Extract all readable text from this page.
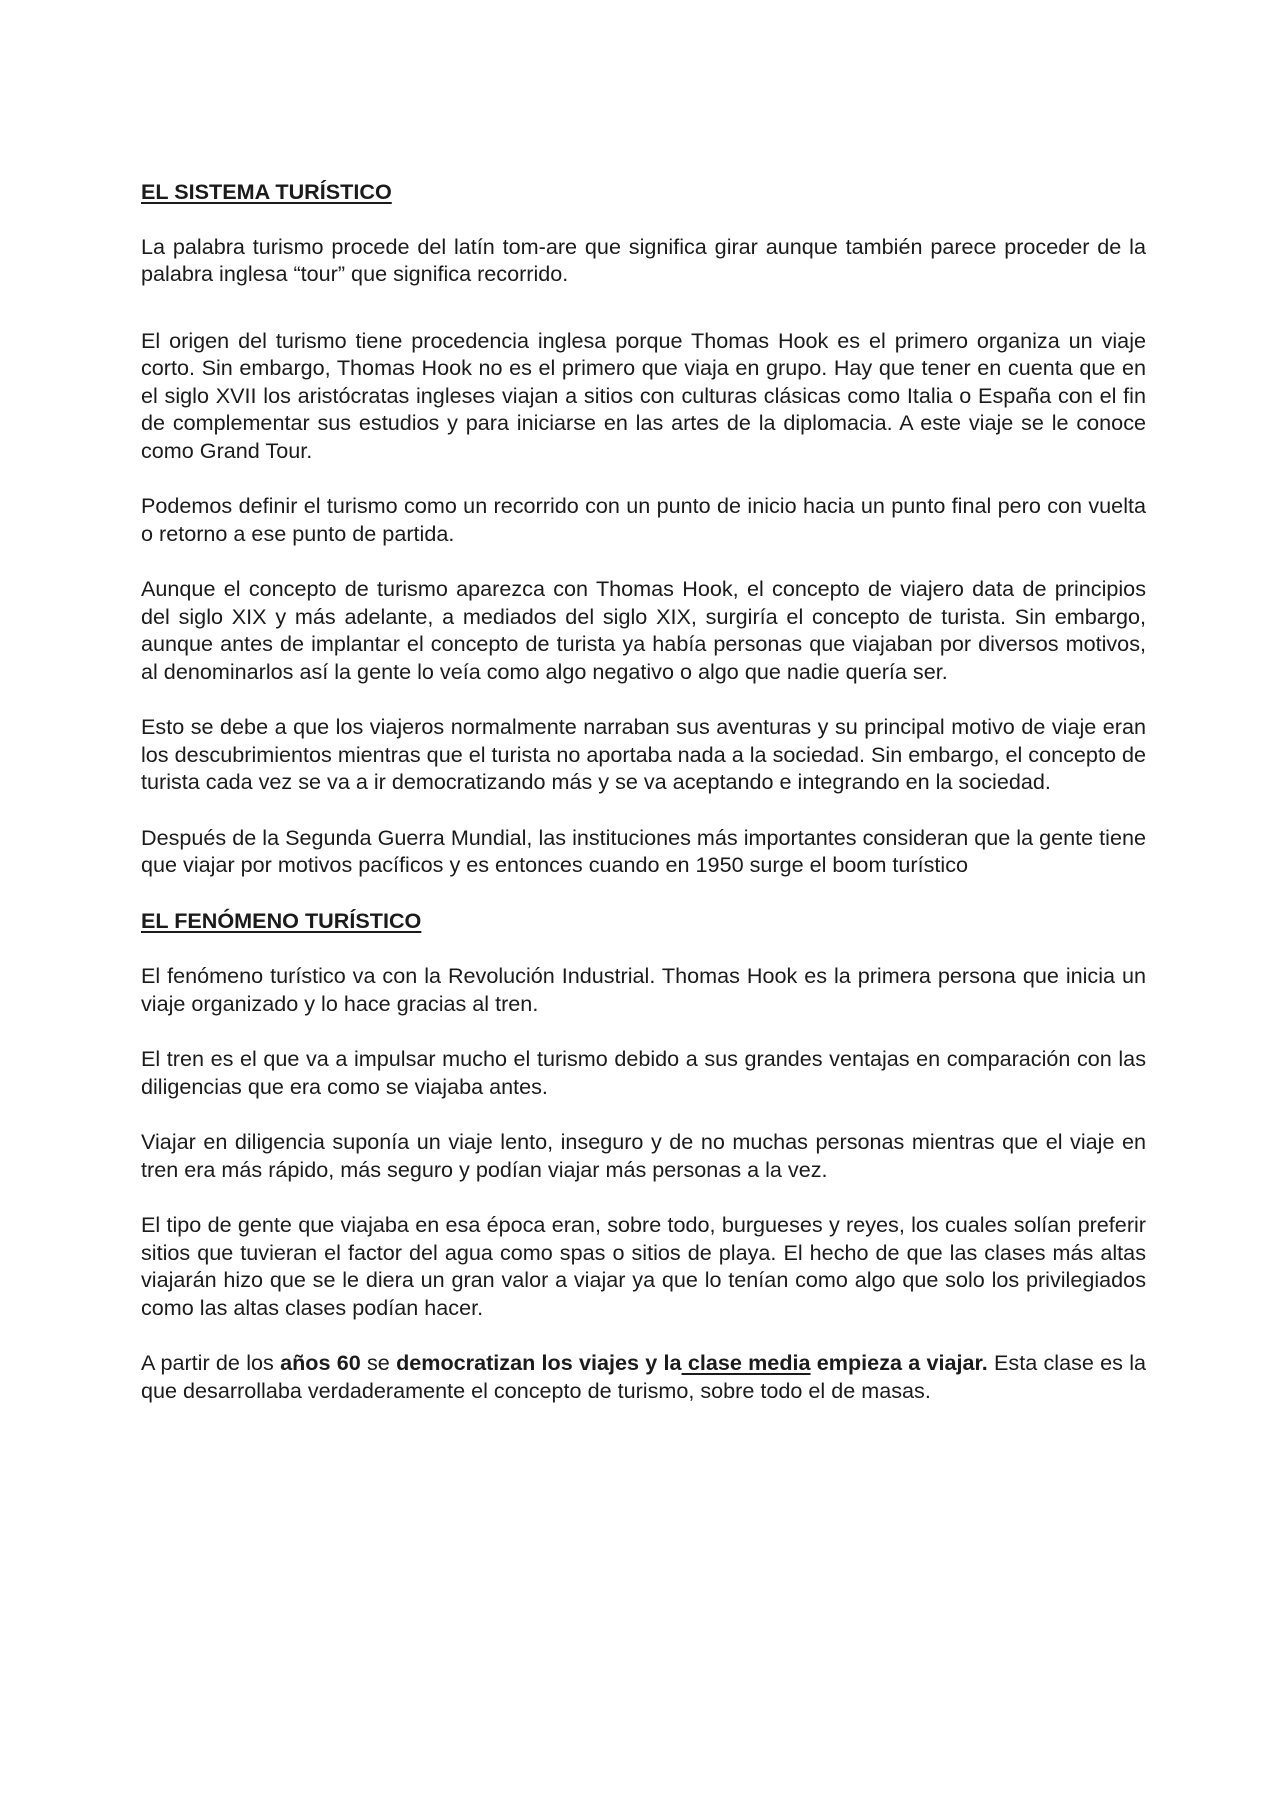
EL SISTEMA TURÍSTICO

La palabra turismo procede del latín tom-are que significa girar aunque también parece proceder de la palabra inglesa “tour” que significa recorrido.

El origen del turismo tiene procedencia inglesa porque Thomas Hook es el primero organiza un viaje corto. Sin embargo, Thomas Hook no es el primero que viaja en grupo. Hay que tener en cuenta que en el siglo XVII los aristócratas ingleses viajan a sitios con culturas clásicas como Italia o España con el fin de complementar sus estudios y para iniciarse en las artes de la diplomacia. A este viaje se le conoce como Grand Tour.

Podemos definir el turismo como un recorrido con un punto de inicio hacia un punto final pero con vuelta o retorno a ese punto de partida.

Aunque el concepto de turismo aparezca con Thomas Hook, el concepto de viajero data de principios del siglo XIX y más adelante, a mediados del siglo XIX, surgiría el concepto de turista. Sin embargo, aunque antes de implantar el concepto de turista ya había personas que viajaban por diversos motivos, al denominarlos así la gente lo veía como algo negativo o algo que nadie quería ser.

Esto se debe a que los viajeros normalmente narraban sus aventuras y su principal motivo de viaje eran los descubrimientos mientras que el turista no aportaba nada a la sociedad. Sin embargo, el concepto de turista cada vez se va a ir democratizando más y se va aceptando e integrando en la sociedad.

Después de la Segunda Guerra Mundial, las instituciones más importantes consideran que la gente tiene que viajar por motivos pacíficos y es entonces cuando en 1950 surge el boom turístico

EL FENÓMENO TURÍSTICO

El fenómeno turístico va con la Revolución Industrial. Thomas Hook es la primera persona que inicia un viaje organizado y lo hace gracias al tren.

El tren es el que va a impulsar mucho el turismo debido a sus grandes ventajas en comparación con las diligencias que era como se viajaba antes.

Viajar en diligencia suponía un viaje lento, inseguro y de no muchas personas mientras que el viaje en tren era más rápido, más seguro y podían viajar más personas a la vez.

El tipo de gente que viajaba en esa época eran, sobre todo, burgueses y reyes, los cuales solían preferir sitios que tuvieran el factor del agua como spas o sitios de playa. El hecho de que las clases más altas viajarán hizo que se le diera un gran valor a viajar ya que lo tenían como algo que solo los privilegiados como las altas clases podían hacer.

A partir de los años 60 se democratizan los viajes y la clase media empieza a viajar. Esta clase es la que desarrollaba verdaderamente el concepto de turismo, sobre todo el de masas.
